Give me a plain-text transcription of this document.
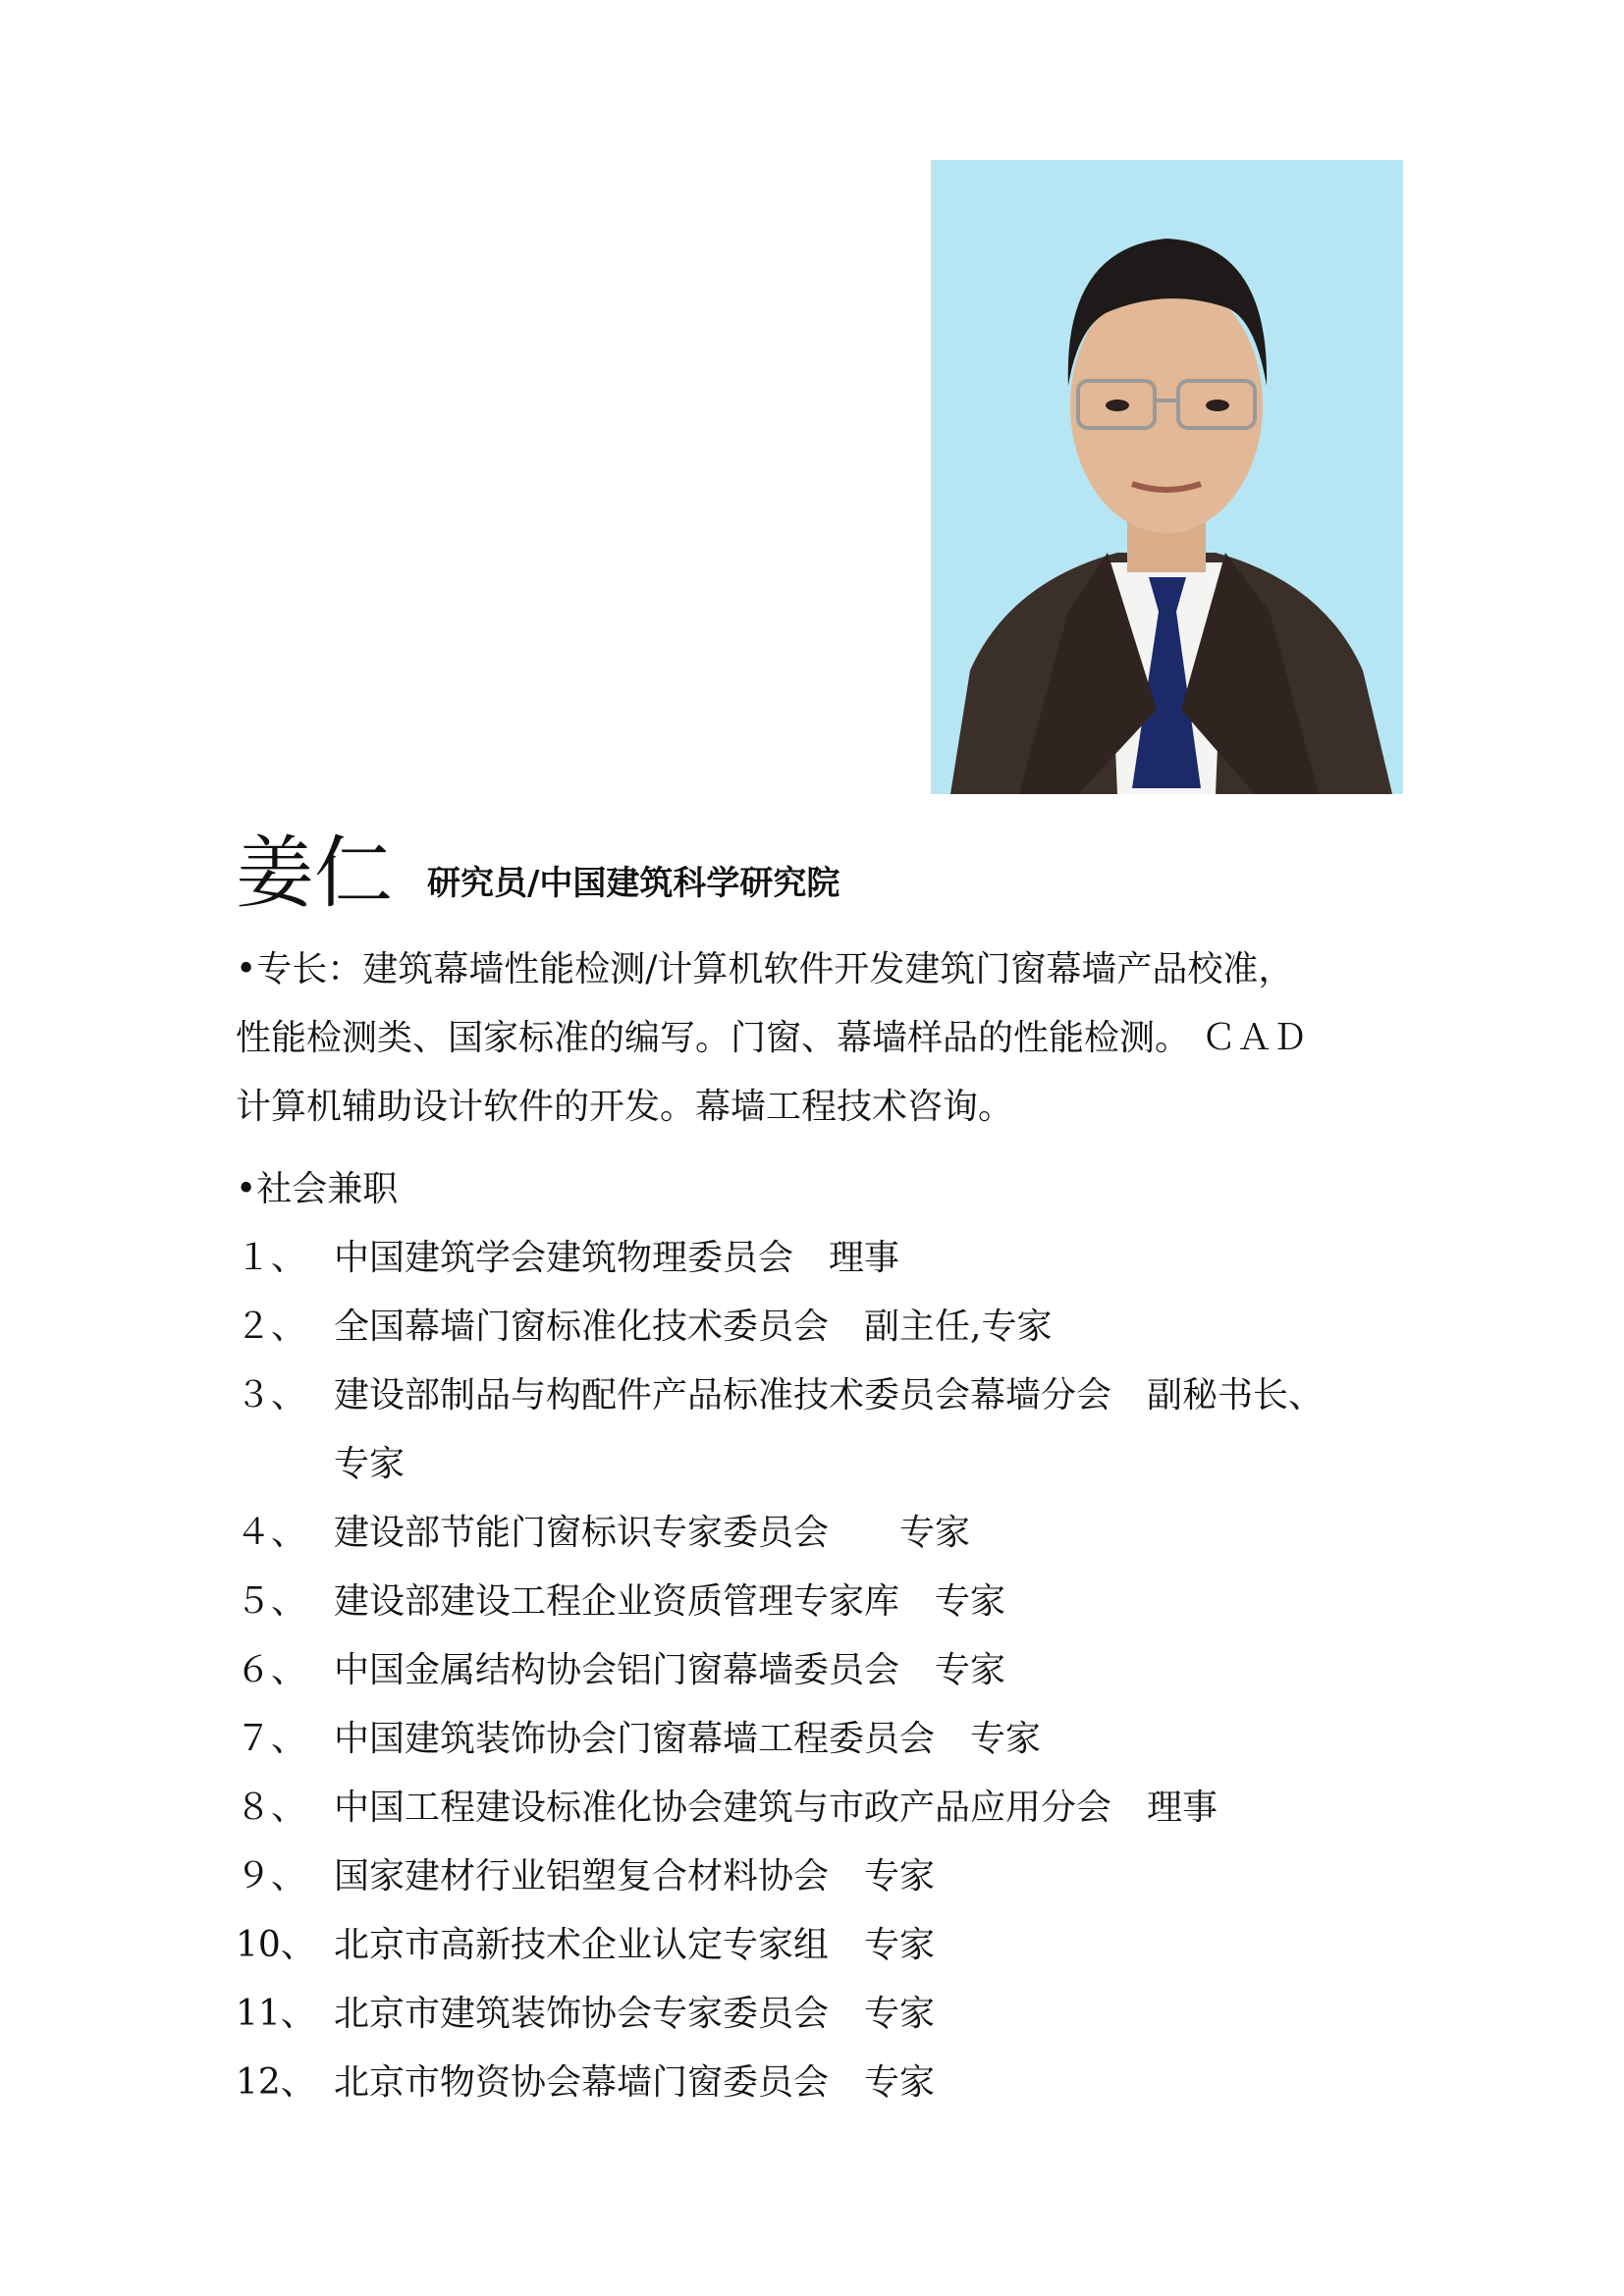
姜仁 研究员/中国建筑科学研究院
•专长：建筑幕墙性能检测/计算机软件开发建筑门窗幕墙产品校准，
性能检测类、国家标准的编写。门窗、幕墙样品的性能检测。 ＣＡＤ
计算机辅助设计软件的开发。幕墙工程技术咨询。
•社会兼职
１、 中国建筑学会建筑物理委员会 理事
２、 全国幕墙门窗标准化技术委员会 副主任,专家
３、 建设部制品与构配件产品标准技术委员会幕墙分会 副秘书长、
专家
４、 建设部节能门窗标识专家委员会 专家
５、 建设部建设工程企业资质管理专家库 专家
６、 中国金属结构协会铝门窗幕墙委员会 专家
７、 中国建筑装饰协会门窗幕墙工程委员会 专家
８、 中国工程建设标准化协会建筑与市政产品应用分会 理事
９、 国家建材行业铝塑复合材料协会 专家
10、 北京市高新技术企业认定专家组 专家
11、 北京市建筑装饰协会专家委员会 专家
12、 北京市物资协会幕墙门窗委员会 专家
